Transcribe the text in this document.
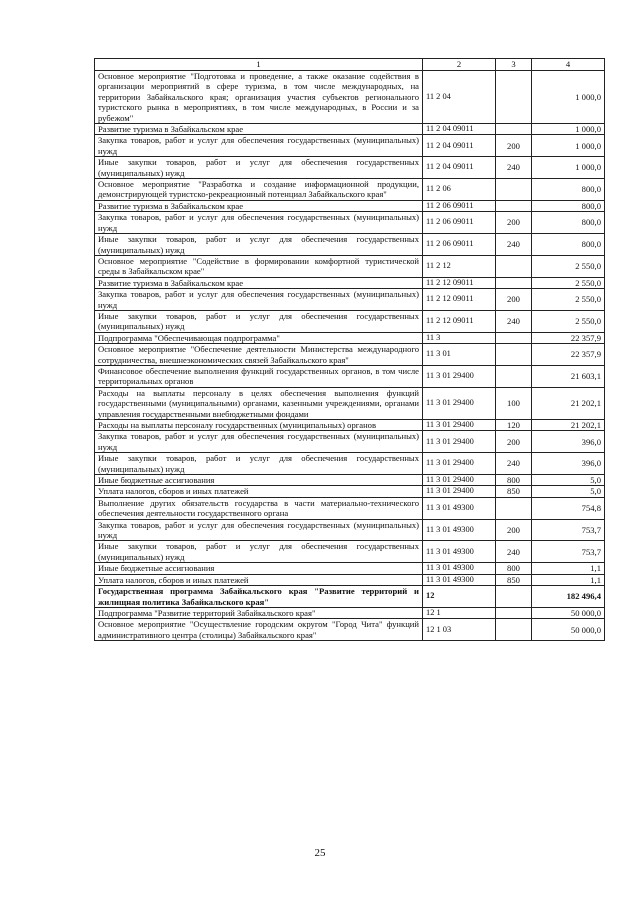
1	2	3	4
Основное мероприятие "Подготовка и проведение, а также оказание содействия в организации мероприятий в сфере туризма, в том числе международных, на территории Забайкальского края; организация участия субъектов регионального туристского рынка в мероприятиях, в том числе международных, в России и за рубежом"	11 2 04		1 000,0
Развитие туризма в Забайкальском крае	11 2 04 09011		1 000,0
Закупка товаров, работ и услуг для обеспечения государственных (муниципальных) нужд	11 2 04 09011	200	1 000,0
Иные закупки товаров, работ и услуг для обеспечения государственных (муниципальных) нужд	11 2 04 09011	240	1 000,0
Основное мероприятие "Разработка и создание информационной продукции, демонстрирующей туристско-рекреационный потенциал Забайкальского края"	11 2 06		800,0
Развитие туризма в Забайкальском крае	11 2 06 09011		800,0
Закупка товаров, работ и услуг для обеспечения государственных (муниципальных) нужд	11 2 06 09011	200	800,0
Иные закупки товаров, работ и услуг для обеспечения государственных (муниципальных) нужд	11 2 06 09011	240	800,0
Основное мероприятие "Содействие в формировании комфортной туристической среды в Забайкальском крае"	11 2 12		2 550,0
Развитие туризма в Забайкальском крае	11 2 12 09011		2 550,0
Закупка товаров, работ и услуг для обеспечения государственных (муниципальных) нужд	11 2 12 09011	200	2 550,0
Иные закупки товаров, работ и услуг для обеспечения государственных (муниципальных) нужд	11 2 12 09011	240	2 550,0
Подпрограмма "Обеспечивающая подпрограмма"	11 3		22 357,9
Основное мероприятие "Обеспечение деятельности Министерства международного сотрудничества, внешнеэкономических связей Забайкальского края"	11 3 01		22 357,9
Финансовое обеспечение выполнения функций государственных органов, в том числе территориальных органов	11 3 01 29400		21 603,1
Расходы на выплаты персоналу в целях обеспечения выполнения функций государственными (муниципальными) органами, казенными учреждениями, органами управления государственными внебюджетными фондами	11 3 01 29400	100	21 202,1
Расходы на выплаты персоналу государственных (муниципальных) органов	11 3 01 29400	120	21 202,1
Закупка товаров, работ и услуг для обеспечения государственных (муниципальных) нужд	11 3 01 29400	200	396,0
Иные закупки товаров, работ и услуг для обеспечения государственных (муниципальных) нужд	11 3 01 29400	240	396,0
Иные бюджетные ассигнования	11 3 01 29400	800	5,0
Уплата налогов, сборов и иных платежей	11 3 01 29400	850	5,0
Выполнение других обязательств государства в части материально-технического обеспечения деятельности государственного органа	11 3 01 49300		754,8
Закупка товаров, работ и услуг для обеспечения государственных (муниципальных) нужд	11 3 01 49300	200	753,7
Иные закупки товаров, работ и услуг для обеспечения государственных (муниципальных) нужд	11 3 01 49300	240	753,7
Иные бюджетные ассигнования	11 3 01 49300	800	1,1
Уплата налогов, сборов и иных платежей	11 3 01 49300	850	1,1
Государственная программа Забайкальского края "Развитие территорий и жилищная политика Забайкальского края"	12		182 496,4
Подпрограмма "Развитие территорий Забайкальского края"	12 1		50 000,0
Основное мероприятие "Осуществление городским округом "Город Чита" функций административного центра (столицы) Забайкальского края"	12 1 03		50 000,0
25
